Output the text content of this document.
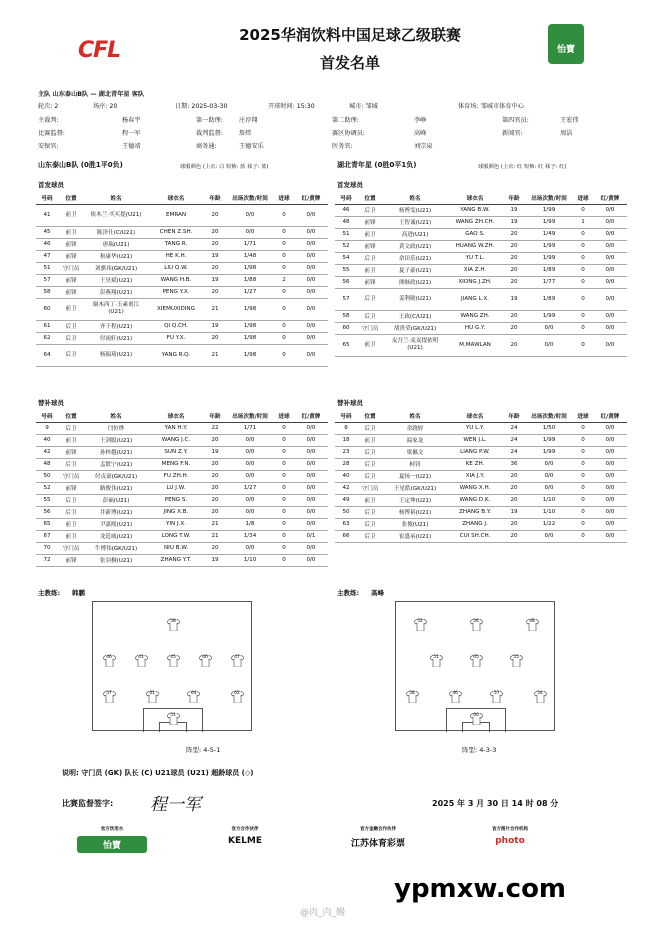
CFL
2025华润饮料中国足球乙级联赛
首发名单
怡寶
主队 山东泰山B队 — 湖北青年星 客队
轮次: 2	场序: 20	日期: 2025-03-30	开球时间: 15:30	城市: 邹城	体育场: 邹城市体育中心
主裁判:	杨春宇	第一助理:	庄淳翔	第二助理:	李峥	第四官员:	王宏伟
比赛监督:	程一军	裁判监督:	詹炜	赛区协调员:	高峰	新闻官:	周洁
安保官:	王德靖	商务通:	王德安乐	医务官:	刘宗泉
山东泰山B队 (0胜1平0负)	球服颜色 (上衣: 白 短裤: 蓝 袜子: 蓝)	湖北青年星 (0胜0平1负)	球服颜色 (上衣: 红 短裤: 红 袜子: 红)
首发球员	首发球员
号码	位置	姓名	球衣名	年龄	出场次数/时间	进球	红/黄牌
41	前卫	依木兰·买买提(U21)	EMRAN	20	0/0	0	0/0
45	前卫	陈泽仕(C/U21)	CHEN Z.SH.	20	0/0	0	0/0
46	前锋	唐瑞(U21)	TANG R.	20	1/71	0	0/0
47	前锋	和康华(U21)	HE K.H.	19	1/48	0	0/0
51	守门员	刘骐玮(GK/U21)	LIU Q.W.	20	1/98	0	0/0
57	前锋	王昊斌(U21)	WANG H.B.	19	1/88	2	0/0
58	前锋	彭燕翔(U21)	PENG Y.X.	20	1/27	0	0/0
60	前卫	谢木西丁·玉素甫江(U21)	XIEMUXIDING	21	1/98	0	0/0
61	后卫	齐千程(U21)	QI Q.CH.	19	1/98	0	0/0
62	后卫	付雨轩(U21)	FU Y.X.	20	1/98	0	0/0
64	后卫	杨瑞琦(U21)	YANG R.Q.	21	1/98	0	0/0
号码	位置	姓名	球衣名	年龄	出场次数/时间	进球	红/黄牌
46	后卫	杨博雯(U21)	YANG B.W.	19	1/99	0	0/0
48	前锋	王智诚(U21)	WANG ZH.CH.	19	1/99	1	0/0
51	前卫	高进(U21)	GAO S.	20	1/49	0	0/0
52	前锋	黄文政(U21)	HUANG W.ZH.	20	1/99	0	0/0
54	后卫	余田乐(U21)	YU T.L.	20	1/99	0	0/0
55	前卫	夏子豪(U21)	XIA Z.H.	20	1/89	0	0/0
56	前锋	熊继政(U21)	XIONG J.ZH.	20	1/77	0	0/0
57	后卫	姜利勋(U21)	JIANG L.X.	19	1/89	0	0/0
58	后卫	王政(C/U21)	WANG ZH.	20	1/99	0	0/0
60	守门员	胡贵荣(GK/U21)	HU G.Y.	20	0/0	0	0/0
65	前卫	麦吾兰·麦麦提依明(U21)	M.MAWLAN	20	0/0	0	0/0
替补球员	替补球员
号码	位置	姓名	球衣名	年龄	出场次数/时间	进球	红/黄牌
9	后卫	闫恒烨	YAN H.Y.	22	1/71	0	0/0
40	前卫	王剑聪(U21)	WANG J.C.	20	0/0	0	0/0
42	前锋	孙梓越(U21)	SUN Z.Y.	19	0/0	0	0/0
48	后卫	孟繁宁(U21)	MENG F.N.	20	0/0	0	0/0
50	守门员	付贞豪(GK/U21)	FU ZH.H.	20	0/0	0	0/0
52	前锋	路俊伟(U21)	LU J.W.	20	1/27	0	0/0
55	后卫	彭硕(U21)	PENG S.	20	0/0	0	0/0
56	后卫	井新博(U21)	JING X.B.	20	0/0	0	0/0
65	前卫	尹嘉熙(U21)	YIN J.X.	21	1/8	0	0/0
67	前卫	龙廷威(U21)	LONG T.W.	21	1/34	0	0/1
70	守门员	牛博伟(GK/U21)	NIU B.W.	20	0/0	0	0/0
72	前锋	张羽桐(U21)	ZHANG Y.T.	19	1/10	0	0/0
号码	位置	姓名	球衣名	年龄	出场次数/时间	进球	红/黄牌
8	后卫	余跷婷	YU L.Y.	24	1/50	0	0/0
18	前卫	温家龙	WEN J.L.	24	1/99	0	0/0
23	后卫	梁佩文	LIANG P.W.	24	1/99	0	0/0
28	后卫	柯钊	KE ZH.	36	0/0	0	0/0
40	后卫	夏扬一(U21)	XIA J.Y.	20	0/0	0	0/0
42	守门员	王星皓(GK/U21)	WANG X.H.	20	0/0	0	0/0
49	前卫	王定坤(U21)	WANG D.K.	20	1/10	0	0/0
50	后卫	杨博裕(U21)	ZHANG B.Y.	19	1/10	0	0/0
63	后卫	张俊(U21)	ZHANG J.	20	1/22	0	0/0
66	后卫	崔盛承(U21)	CUI SH.CH.	20	0/0	0	0/0
主教练: 韩鹏	主教练: 高峰
58
46	41	45	60	47
57	61	64	62
51
52	56	48
51	65	55
58	46	57	54
60
阵型: 4-5-1	阵型: 4-3-3
说明: 守门员 (GK) 队长 (C) U21球员 (U21) 超龄球员 (◇)
比赛监督签字: 程一军	2025 年 3 月 30 日 14 时 08 分
官方饮用水
怡寶
官方合作伙伴
KELME
官方金融合作伙伴
江苏体育彩票
官方图片合作机构
photo
ypmxw.com
@肉_肉_鳗
